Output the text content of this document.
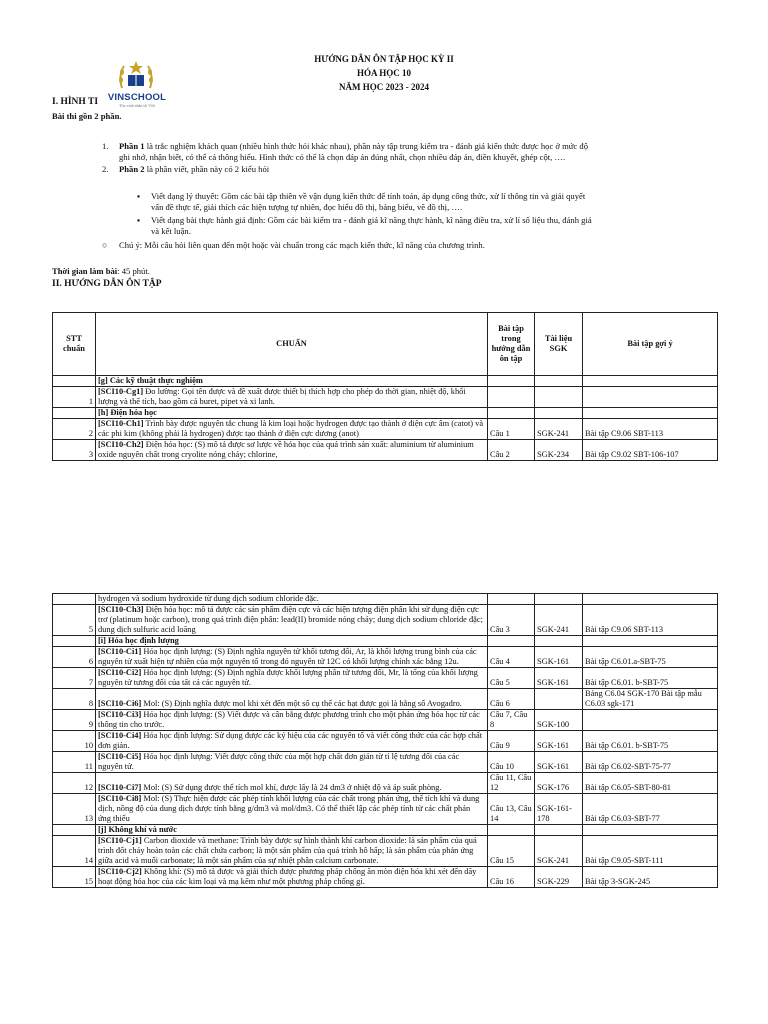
VINSCHOOL
Tôn vinh nhân tài Việt
HƯỚNG DẪN ÔN TẬP HỌC KỲ II
HÓA HỌC 10
NĂM HỌC 2023 - 2024
I. HÌNH TI
Bài thi gồn 2 phần.
1. Phần 1 là trắc nghiệm khách quan (nhiều hình thức hỏi khác nhau), phần này tập trung kiểm tra - đánh giá kiến thức được học ở mức độ
ghi nhớ, nhận biết, có thể cả thông hiểu. Hình thức có thể là chọn đáp án đúng nhất, chọn nhiều đáp án, điền khuyết, ghép cột, ….
2. Phần 2 là phần viết, phần này có 2 kiểu hỏi
▪ Viết dạng lý thuyết: Gồm các bài tập thiên về vận dụng kiến thức để tính toán, áp dụng công thức, xử lí thông tin và giải quyết
vấn đề thực tế, giải thích các hiện tượng tự nhiên, đọc hiểu đồ thị, bảng biểu, vẽ đồ thị, ….
▪ Viết dạng bài thực hành giả định: Gồm các bài kiểm tra - đánh giá kĩ năng thực hành, kĩ năng điều tra, xử lí số liệu thu, đánh giá
và kết luận.
○ Chú ý: Mỗi câu hỏi liên quan đến một hoặc vài chuẩn trong các mạch kiến thức, kĩ năng của chương trình.
Thời gian làm bài: 45 phút.
II. HƯỚNG DẪN ÔN TẬP
STT chuẩn	CHUẨN	Bài tập trong hướng dẫn ôn tập	Tài liệu SGK	Bài tập gợi ý
	[g] Các kỹ thuật thực nghiệm			
1	[SCI10-Cg1] Đo lường: Gọi tên được và đề xuất được thiết bị thích hợp cho phép đo thời gian, nhiệt độ, khối lượng và thể tích, bao gồm cả buret, pipet và xi lanh.			
	[h] Điện hóa học			
2	[SCI10-Ch1] Trình bày được nguyên tắc chung là kim loại hoặc hydrogen được tạo thành ở điện cực âm (catot) và các phi kim (không phải là hydrogen) được tạo thành ở điện cực dương (anot)	Câu 1	SGK-241	Bài tập C9.06 SBT-113
3	[SCI10-Ch2] Điện hóa học: (S) mô tả được sơ lược về hóa học của quá trình sản xuất: aluminium từ aluminium oxide nguyên chất trong cryolite nóng chảy; chlorine,	Câu 2	SGK-234	Bài tập C9.02 SBT-106-107
	hydrogen và sodium hydroxide từ dung dịch sodium chloride đặc.			
5	[SCI10-Ch3] Điện hóa học: mô tả được các sản phẩm điện cực và các hiện tượng điện phân khi sử dụng điện cực trơ (platinum hoặc carbon), trong quá trình điện phân: lead(II) bromide nóng chảy; dung dịch sodium chloride đặc; dung dịch sulfuric acid loãng	Câu 3	SGK-241	Bài tập C9.06 SBT-113
	[i] Hóa học định lượng			
6	[SCI10-Ci1] Hóa học định lượng: (S) Định nghĩa nguyên tử khối tương đối, Ar, là khối lượng trung bình của các nguyên tử xuất hiện tự nhiên của một nguyên tố trong đó nguyên tử 12C có khối lượng chính xác bằng 12u.	Câu 4	SGK-161	Bài tập C6.01.a-SBT-75
7	[SCI10-Ci2] Hóa học định lượng: (S) Định nghĩa được khối lượng phân tử tương đối, Mr, là tổng của khối lượng nguyên tử tương đối của tất cả các nguyên tử.	Câu 5	SGK-161	Bài tập C6.01. b-SBT-75
8	[SCI10-Ci6] Mol: (S) Định nghĩa được mol khi xét đến một số cụ thể các hạt được gọi là hằng số Avogadro.	Câu 6		Bảng C6.04 SGK-170 Bài tập mẫu C6.03 sgk-171
9	[SCI10-Ci3] Hóa học định lượng: (S) Viết được và cân bằng được phương trình cho một phản ứng hóa học từ các thông tin cho trước.	Câu 7, Câu 8	SGK-100	
10	[SCI10-Ci4] Hóa học định lượng: Sử dụng được các ký hiệu của các nguyên tố và viết công thức của các hợp chất đơn giản.	Câu 9	SGK-161	Bài tập C6.01. b-SBT-75
11	[SCI10-Ci5] Hóa học định lượng: Viết được công thức của một hợp chất đơn giản từ tỉ lệ tương đối của các nguyên tử.	Câu 10	SGK-161	Bài tập C6.02-SBT-75-77
12	[SCI10-Ci7] Mol: (S) Sử dụng được thể tích mol khí, được lấy là 24 dm3 ở nhiệt độ và áp suất phòng.	Câu 11, Câu 12	SGK-176	Bài tập C6.05-SBT-80-81
13	[SCI10-Ci8] Mol: (S) Thực hiện được các phép tính khối lượng của các chất trong phản ứng, thể tích khí và dung dịch, nồng độ của dung dịch được tính bằng g/dm3 và mol/dm3. Có thể thiết lập các phép tính từ các chất phản ứng thiếu	Câu 13, Câu 14	SGK-161-178	Bài tập C6.03-SBT-77
	[j] Không khí và nước			
14	[SCI10-Cj1] Carbon dioxide và methane: Trình bày được sự hình thành khí carbon dioxide: là sản phẩm của quá trình đốt cháy hoàn toàn các chất chứa carbon; là một sản phẩm của quá trình hô hấp; là sản phẩm của phản ứng giữa acid và muối carbonate; là một sản phẩm của sự nhiệt phân calcium carbonate.	Câu 15	SGK-241	Bài tập C9.05-SBT-111
15	[SCI10-Cj2] Không khí: (S) mô tả được và giải thích được phương pháp chống ăn mòn điện hóa khi xét đến dãy hoạt động hóa học của các kim loại và mạ kẽm như một phương pháp chống gỉ.	Câu 16	SGK-229	Bài tập 3-SGK-245
